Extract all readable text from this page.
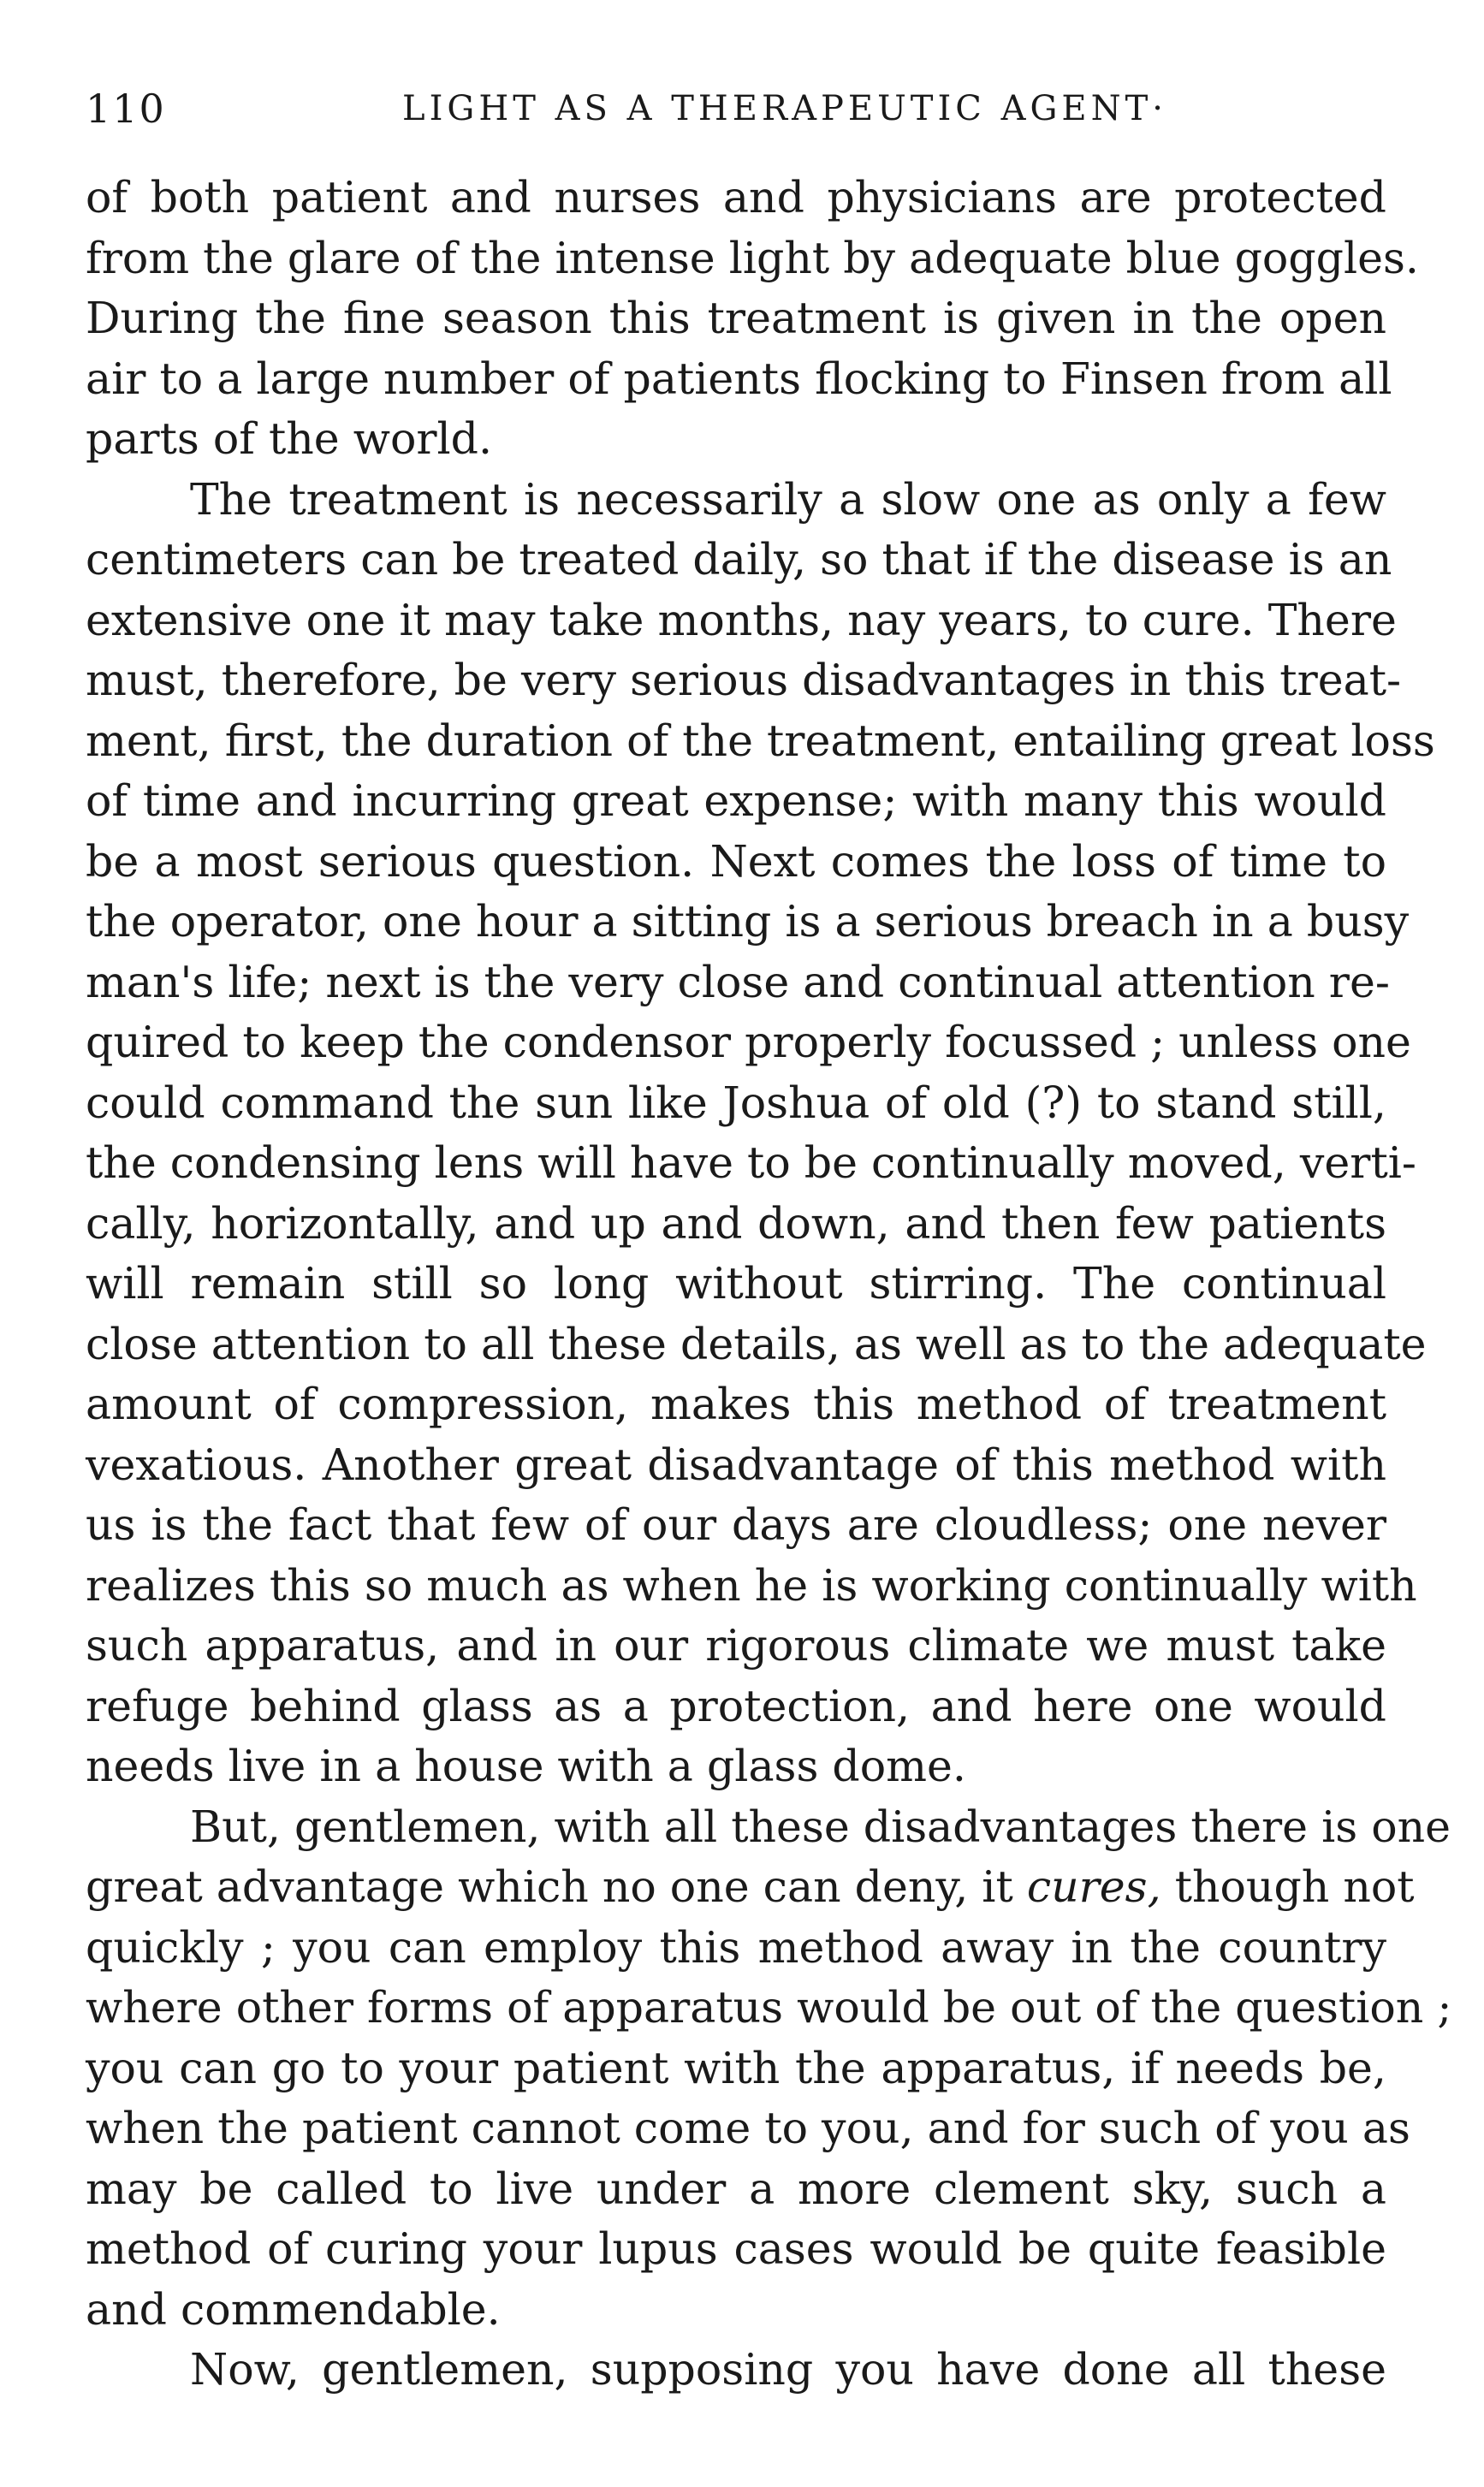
110	LIGHT AS A THERAPEUTIC AGENT·
of both patient and nurses and physicians are protected
from the glare of the intense light by adequate blue goggles.
During the fine season this treatment is given in the open
air to a large number of patients flocking to Finsen from all
parts of the world.
The treatment is necessarily a slow one as only a few
centimeters can be treated daily, so that if the disease is an
extensive one it may take months, nay years, to cure. There
must, therefore, be very serious disadvantages in this treat-
ment, first, the duration of the treatment, entailing great loss
of time and incurring great expense; with many this would
be a most serious question. Next comes the loss of time to
the operator, one hour a sitting is a serious breach in a busy
man's life; next is the very close and continual attention re-
quired to keep the condensor properly focussed ; unless one
could command the sun like Joshua of old (?) to stand still,
the condensing lens will have to be continually moved, verti-
cally, horizontally, and up and down, and then few patients
will remain still so long without stirring. The continual
close attention to all these details, as well as to the adequate
amount of compression, makes this method of treatment
vexatious. Another great disadvantage of this method with
us is the fact that few of our days are cloudless; one never
realizes this so much as when he is working continually with
such apparatus, and in our rigorous climate we must take
refuge behind glass as a protection, and here one would
needs live in a house with a glass dome.
But, gentlemen, with all these disadvantages there is one
great advantage which no one can deny, it cures, though not
quickly ; you can employ this method away in the country
where other forms of apparatus would be out of the question ;
you can go to your patient with the apparatus, if needs be,
when the patient cannot come to you, and for such of you as
may be called to live under a more clement sky, such a
method of curing your lupus cases would be quite feasible
and commendable.
Now, gentlemen, supposing you have done all these
